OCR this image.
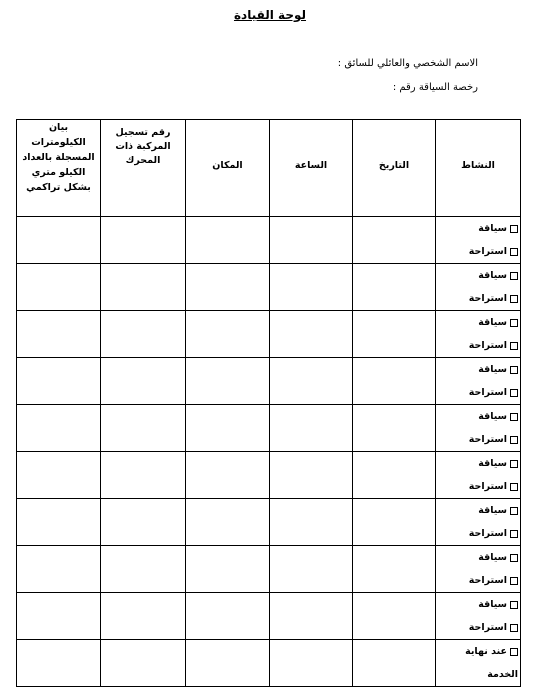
لوحة القيادة
الاسم الشخصي والعائلي للسائق :
رخصة السياقة رقم :
النشاط	التاريخ	الساعة	المكان	رقم تسجيل المركبة ذات المحرك	بيان الكيلومترات المسجلة بالعداد الكيلو متري بشكل تراكمي

سياقة
استراحة					

سياقة
استراحة					

سياقة
استراحة					

سياقة
استراحة					

سياقة
استراحة					

سياقة
استراحة					

سياقة
استراحة					

سياقة
استراحة					

سياقة
استراحة					

عند نهاية الخدمة					
